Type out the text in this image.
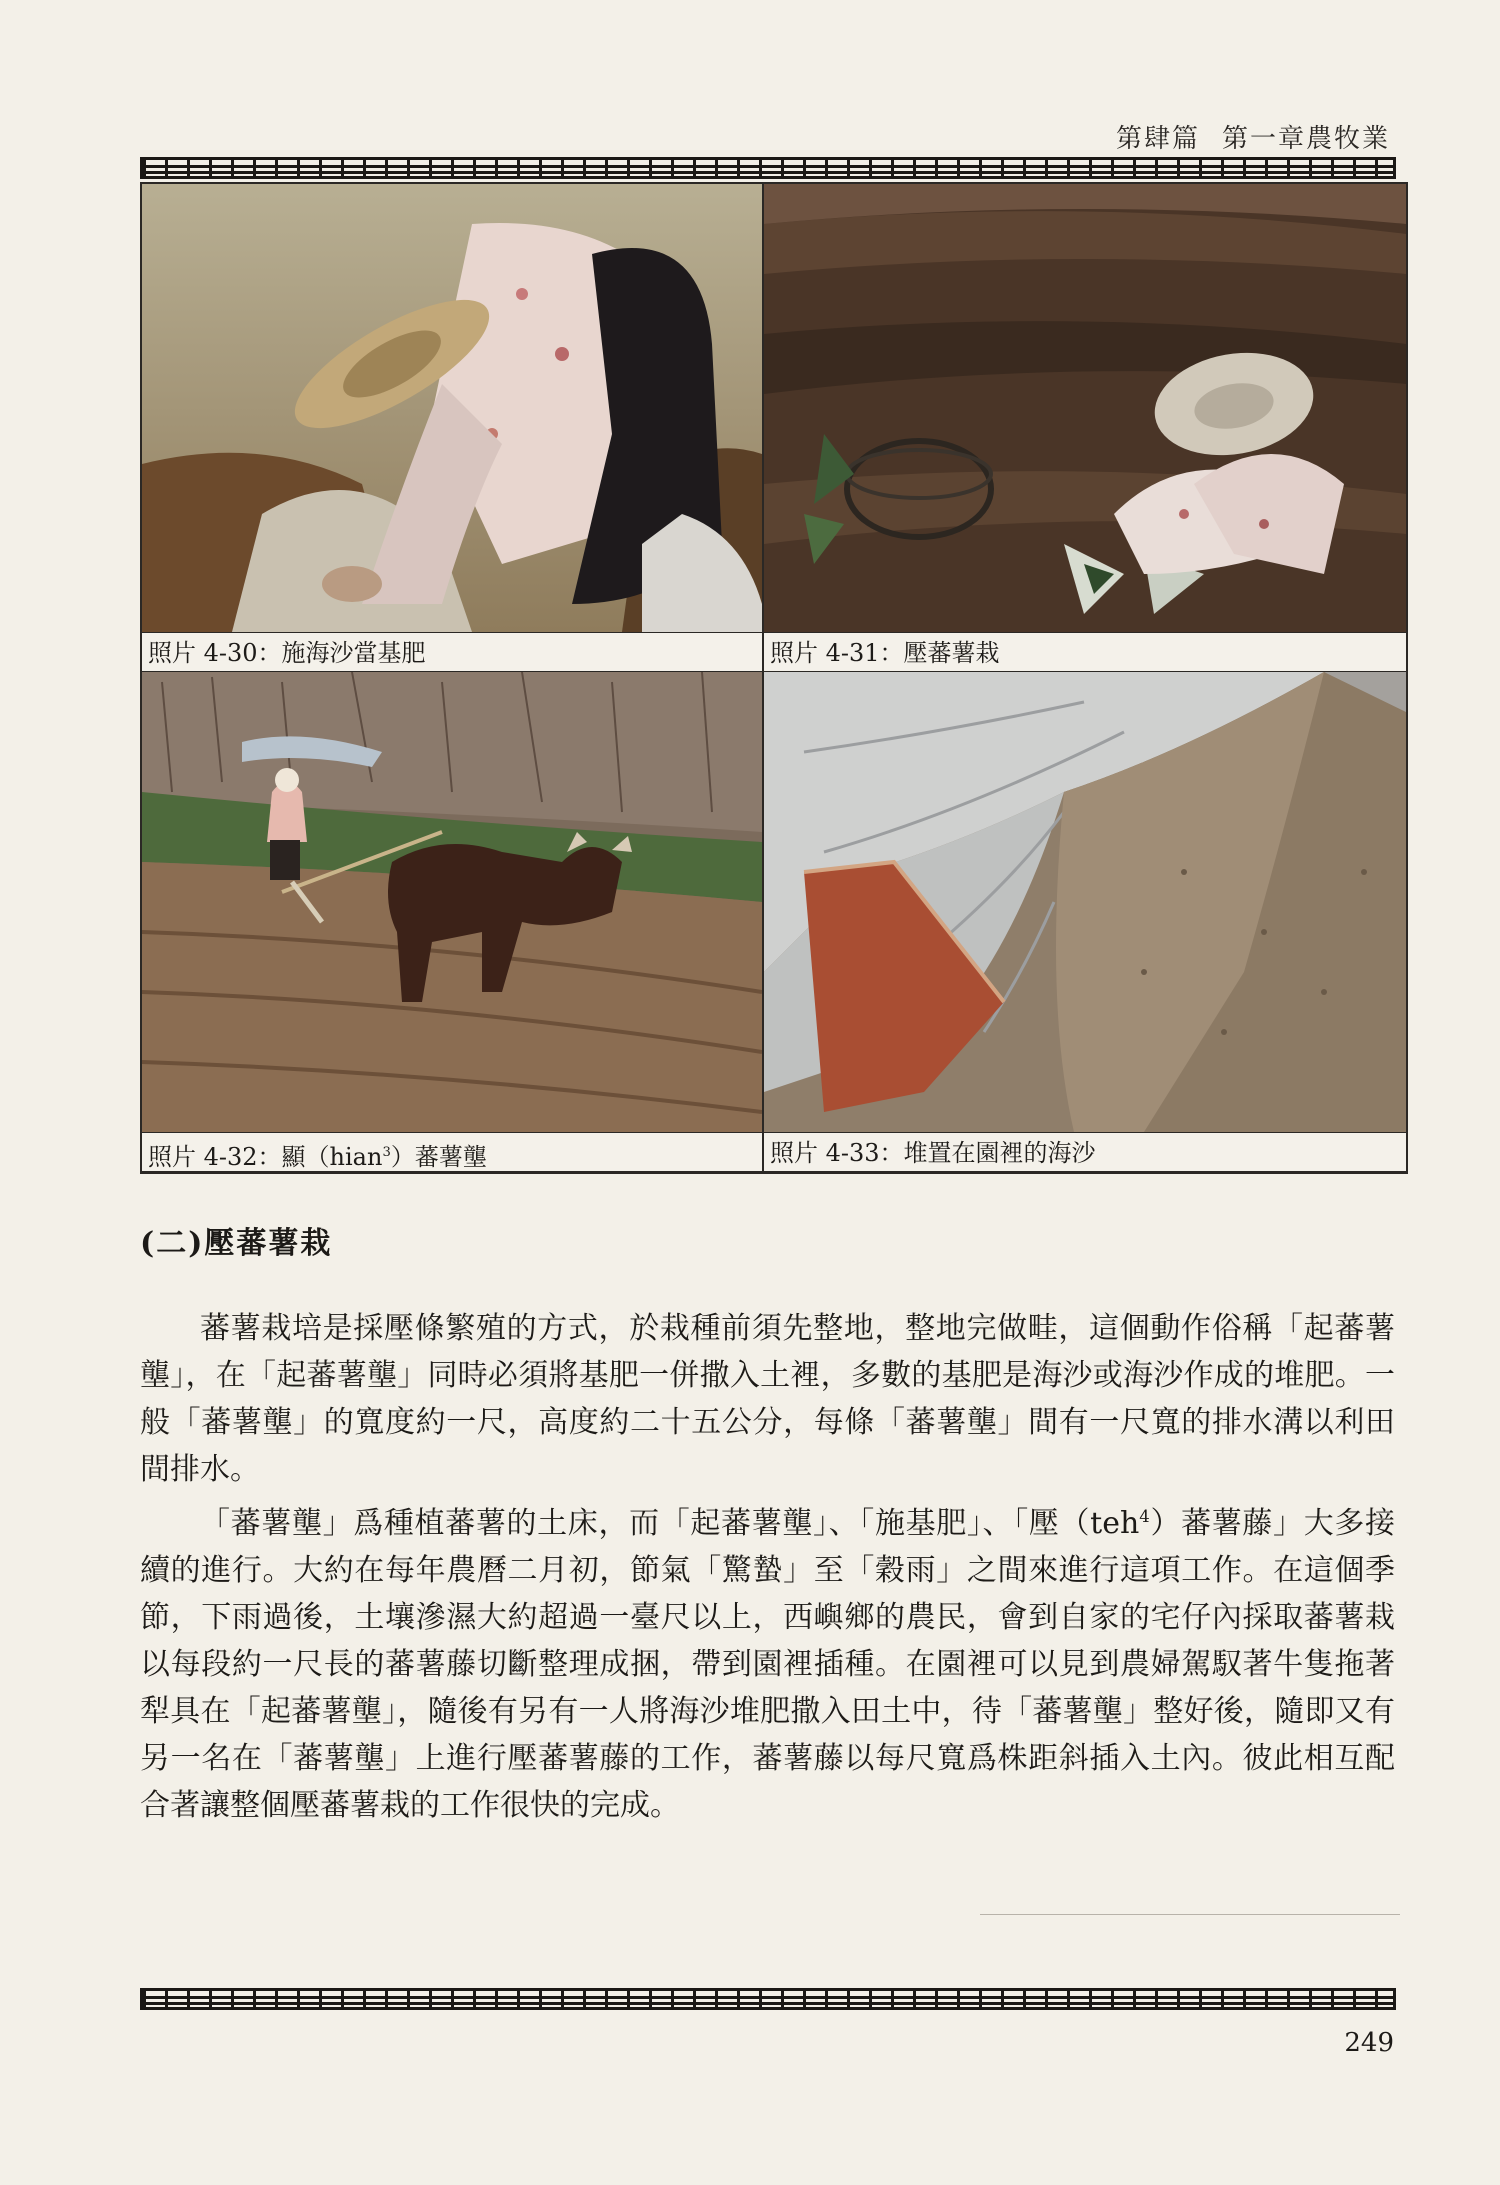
第肆篇 第一章農牧業
照片 4-30：施海沙當基肥	照片 4-31：壓蕃薯栽
照片 4-32：顯（hian$^3$）蕃薯壟	照片 4-33：堆置在園裡的海沙
(二)壓蕃薯栽

蕃薯栽培是採壓條繁殖的方式，於栽種前須先整地，整地完做畦，這個動作俗稱「起蕃薯壟」，在「起蕃薯壟」同時必須將基肥一併撒入土裡，多數的基肥是海沙或海沙作成的堆肥。一般「蕃薯壟」的寬度約一尺，高度約二十五公分，每條「蕃薯壟」間有一尺寬的排水溝以利田間排水。

「蕃薯壟」爲種植蕃薯的土床，而「起蕃薯壟」、「施基肥」、「壓（teh$^4$）蕃薯藤」大多接續的進行。大約在每年農曆二月初，節氣「驚蟄」至「穀雨」之間來進行這項工作。在這個季節，下雨過後，土壤滲濕大約超過一臺尺以上，西嶼鄉的農民，會到自家的宅仔內採取蕃薯栽以每段約一尺長的蕃薯藤切斷整理成捆，帶到園裡插種。在園裡可以見到農婦駕馭著牛隻拖著犁具在「起蕃薯壟」，隨後有另有一人將海沙堆肥撒入田土中，待「蕃薯壟」整好後，隨即又有另一名在「蕃薯壟」上進行壓蕃薯藤的工作，蕃薯藤以每尺寬爲株距斜插入土內。彼此相互配合著讓整個壓蕃薯栽的工作很快的完成。

249
